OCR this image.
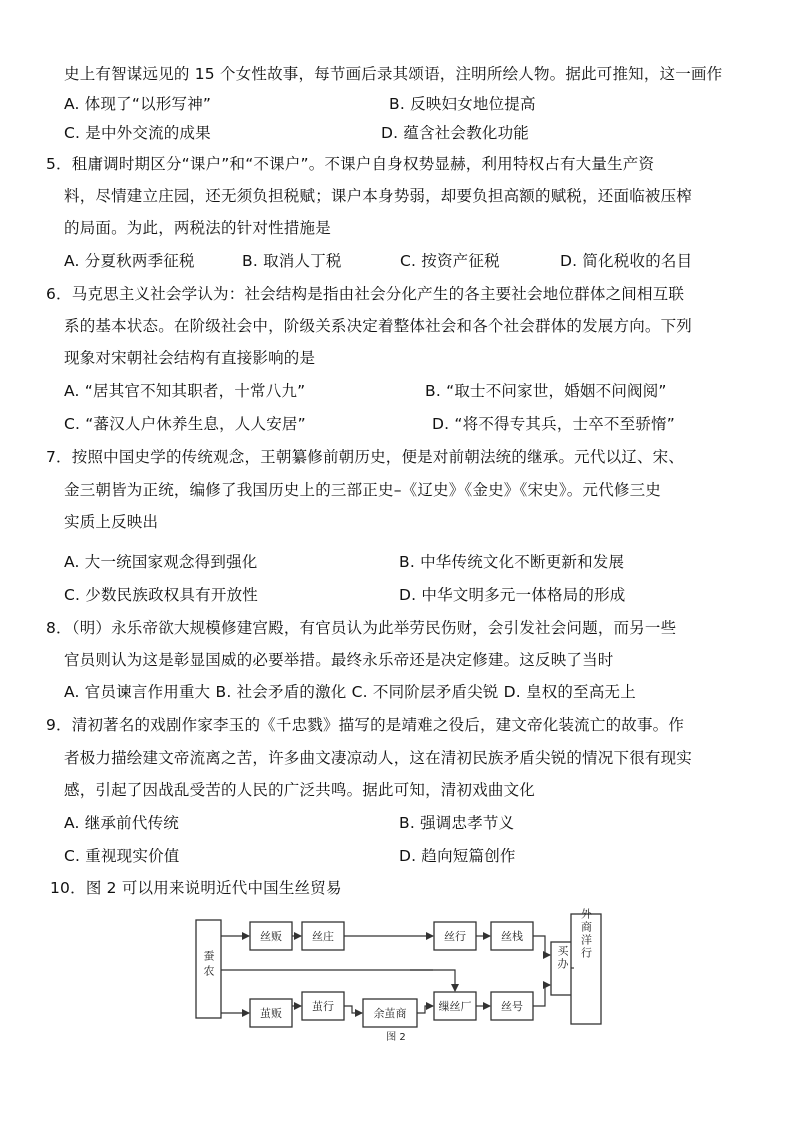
史上有智谋远见的 15 个女性故事，每节画后录其颂语，注明所绘人物。据此可推知，这一画作
A. 体现了“以形写神”	B. 反映妇女地位提高
C. 是中外交流的成果	D. 蕴含社会教化功能
5．租庸调时期区分“课户”和“不课户”。不课户自身权势显赫，利用特权占有大量生产资
料，尽情建立庄园，还无须负担税赋；课户本身势弱，却要负担高额的赋税，还面临被压榨
的局面。为此，两税法的针对性措施是
A. 分夏秋两季征税	B. 取消人丁税	C. 按资产征税	D. 简化税收的名目
6．马克思主义社会学认为：社会结构是指由社会分化产生的各主要社会地位群体之间相互联
系的基本状态。在阶级社会中，阶级关系决定着整体社会和各个社会群体的发展方向。下列
现象对宋朝社会结构有直接影响的是
A. “居其官不知其职者，十常八九”	B. “取士不问家世，婚姻不问阀阅”
C. “蕃汉人户休养生息，人人安居”	D. “将不得专其兵，士卒不至骄惰”
7．按照中国史学的传统观念，王朝纂修前朝历史，便是对前朝法统的继承。元代以辽、宋、
金三朝皆为正统，编修了我国历史上的三部正史–《辽史》《金史》《宋史》。元代修三史
实质上反映出
A. 大一统国家观念得到强化	B. 中华传统文化不断更新和发展
C. 少数民族政权具有开放性	D. 中华文明多元一体格局的形成
8．（明）永乐帝欲大规模修建宫殿，有官员认为此举劳民伤财，会引发社会问题，而另一些
官员则认为这是彰显国威的必要举措。最终永乐帝还是决定修建。这反映了当时
A. 官员谏言作用重大 B. 社会矛盾的激化 C. 不同阶层矛盾尖锐 D. 皇权的至高无上
9．清初著名的戏剧作家李玉的《千忠戮》描写的是靖难之役后，建文帝化装流亡的故事。作
者极力描绘建文帝流离之苦，许多曲文凄凉动人，这在清初民族矛盾尖锐的情况下很有现实
感，引起了因战乱受苦的人民的广泛共鸣。据此可知，清初戏曲文化
A. 继承前代传统	B. 强调忠孝节义
C. 重视现实价值	D. 趋向短篇创作
10．图 2 可以用来说明近代中国生丝贸易
蚕农
丝贩	丝庄	丝行	丝栈
茧贩
茧行
余茧商
缫丝厂	丝号
买办 外商洋行
图 2
